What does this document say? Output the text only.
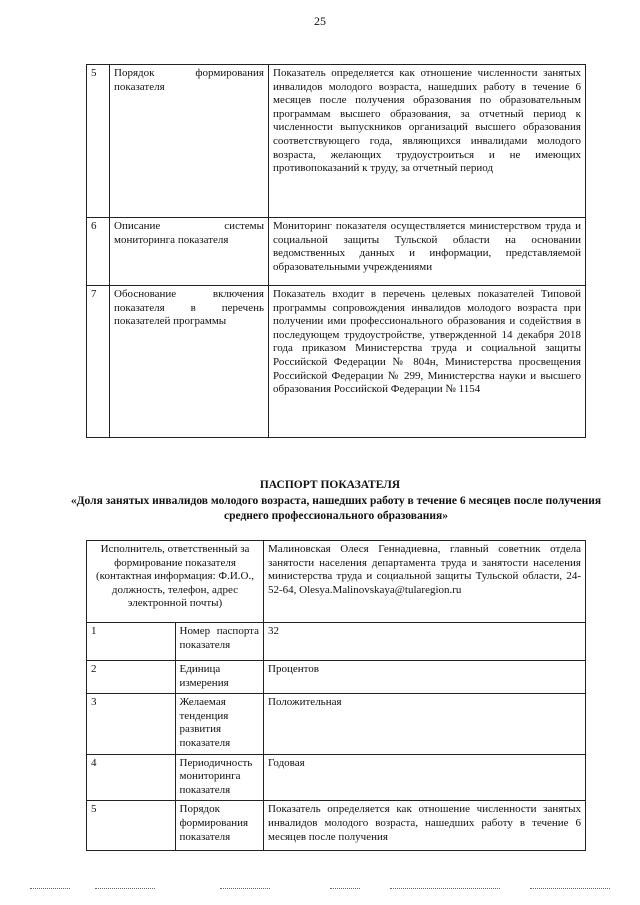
25
5	Порядок формирования показателя	Показатель определяется как отношение численности занятых инвалидов молодого возраста, нашедших работу в течение 6 месяцев после получения образования по образовательным программам высшего образования, за отчетный период к численности выпускников организаций высшего образования соответствующего года, являющихся инвалидами молодого возраста, желающих трудоустроиться и не имеющих противопоказаний к труду, за отчетный период
6	Описание системы мониторинга показателя	Мониторинг показателя осуществляется министерством труда и социальной защиты Тульской области на основании ведомственных данных и информации, представляемой образовательными учреждениями
7	Обоснование включения показателя в перечень показателей программы	Показатель входит в перечень целевых показателей Типовой программы сопровождения инвалидов молодого возраста при получении ими профессионального образования и содействия в последующем трудоустройстве, утвержденной 14 декабря 2018 года приказом Министерства труда и социальной защиты Российской Федерации № 804н, Министерства просвещения Российской Федерации № 299, Министерства науки и высшего образования Российской Федерации № 1154
ПАСПОРТ ПОКАЗАТЕЛЯ
«Доля занятых инвалидов молодого возраста, нашедших работу в течение 6 месяцев после получения среднего профессионального образования»
Исполнитель, ответственный за формирование показателя (контактная информация: Ф.И.О., должность, телефон, адрес электронной почты)		Малиновская Олеся Геннадиевна, главный советник отдела занятости населения департамента труда и занятости населения министерства труда и социальной защиты Тульской области, 24-52-64, Olesya.Malinovskaya@tularegion.ru
1	Номер паспорта показателя	32
2	Единица измерения	Процентов
3	Желаемая тенденция развития показателя	Положительная
4	Периодичность мониторинга показателя	Годовая
5	Порядок формирования показателя	Показатель определяется как отношение численности занятых инвалидов молодого возраста, нашедших работу в течение 6 месяцев после получения
